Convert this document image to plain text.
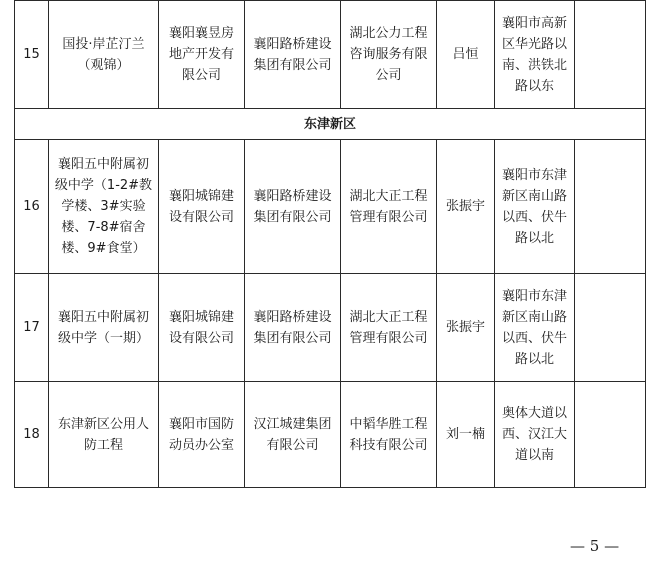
15	国投·岸芷汀兰（观锦）	襄阳襄昱房地产开发有限公司	襄阳路桥建设集团有限公司	湖北公力工程咨询服务有限公司	吕恒	襄阳市高新区华光路以南、洪铁北路以东	
东津新区							
16	襄阳五中附属初级中学（1-2#教学楼、3#实验楼、7-8#宿舍楼、9#食堂）	襄阳城锦建设有限公司	襄阳路桥建设集团有限公司	湖北大正工程管理有限公司	张振宇	襄阳市东津新区南山路以西、伏牛路以北	
17	襄阳五中附属初级中学（一期）	襄阳城锦建设有限公司	襄阳路桥建设集团有限公司	湖北大正工程管理有限公司	张振宇	襄阳市东津新区南山路以西、伏牛路以北	
18	东津新区公用人防工程	襄阳市国防动员办公室	汉江城建集团有限公司	中韬华胜工程科技有限公司	刘一楠	奥体大道以西、汉江大道以南	
— 5 —
